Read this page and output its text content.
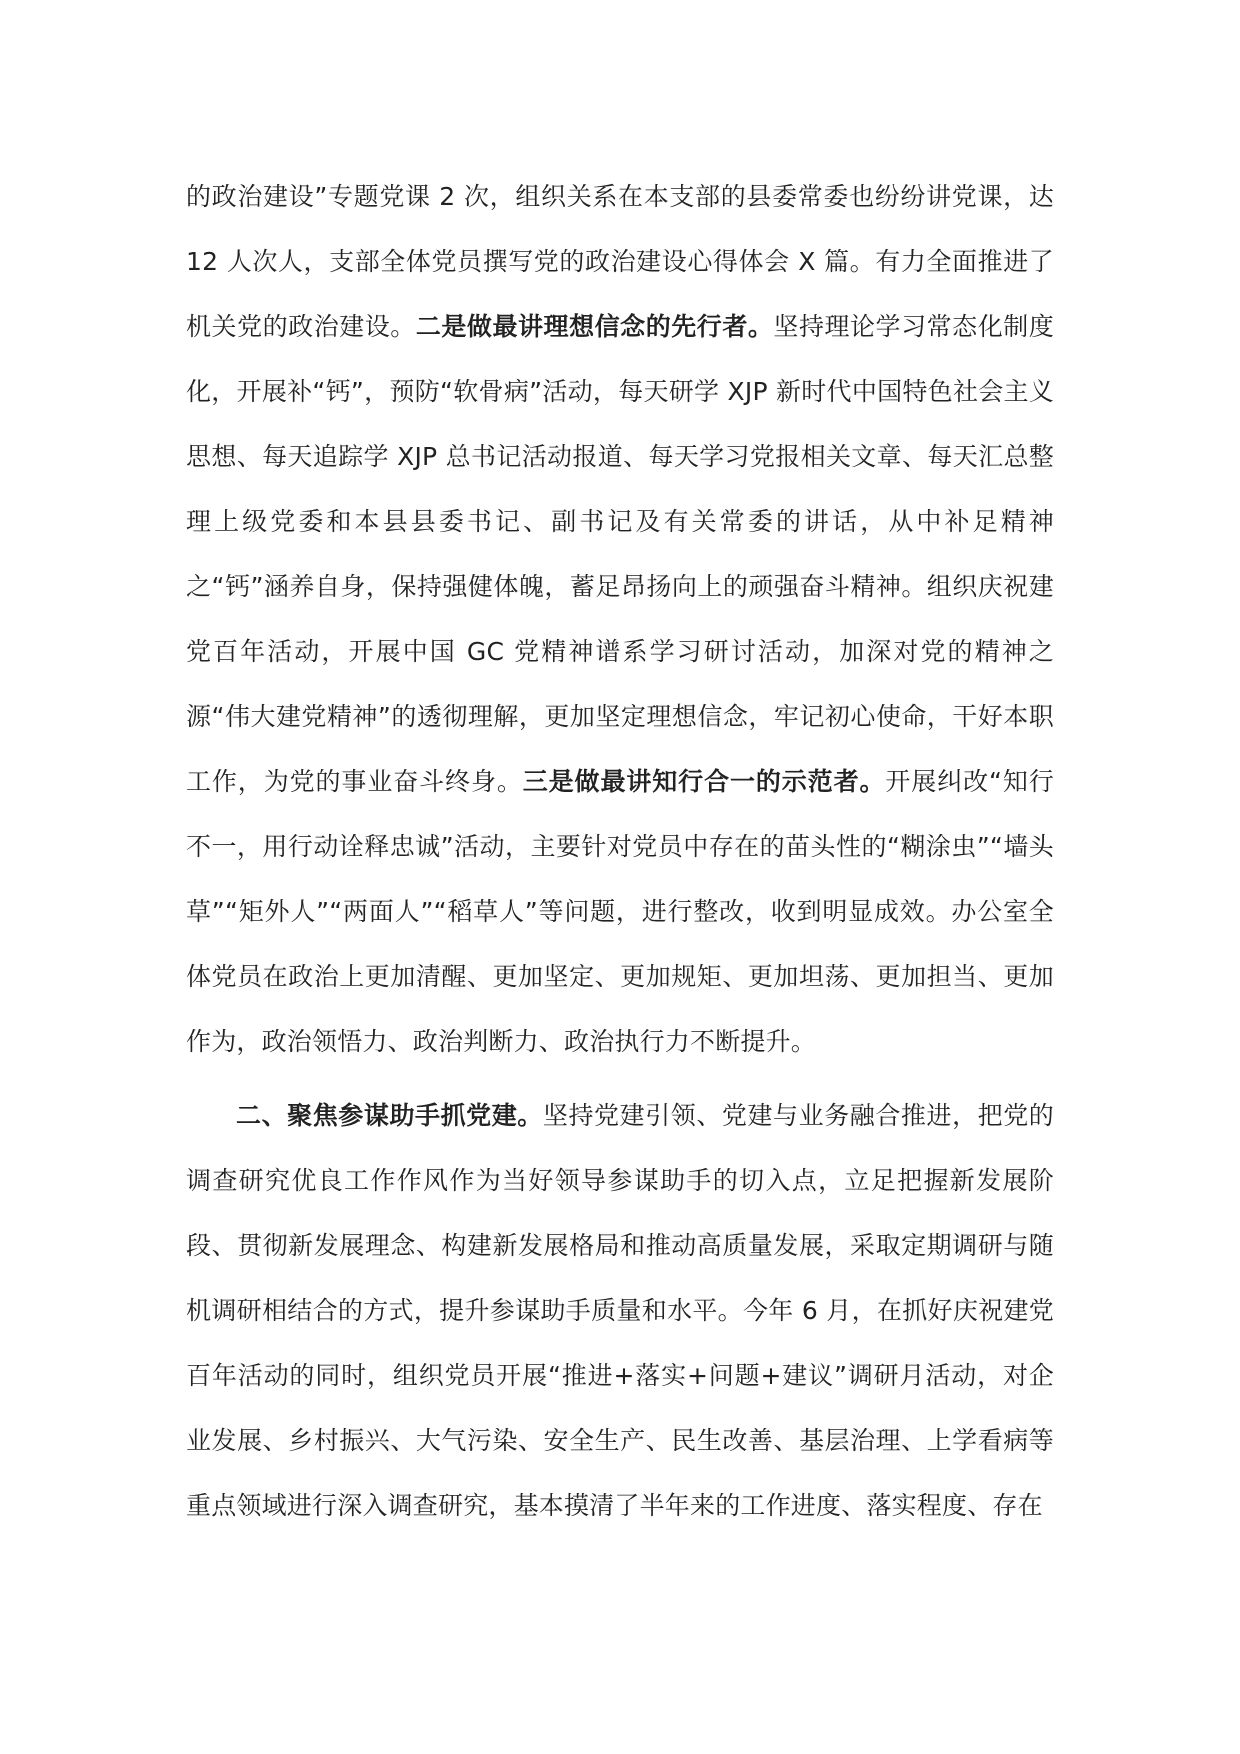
的政治建设”专题党课 2 次，组织关系在本支部的县委常委也纷纷讲党课，达 12 人次人，支部全体党员撰写党的政治建设心得体会 X 篇。有力全面推进了机关党的政治建设。二是做最讲理想信念的先行者。坚持理论学习常态化制度化，开展补“钙”，预防“软骨病”活动，每天研学 XJP 新时代中国特色社会主义思想、每天追踪学 XJP 总书记活动报道、每天学习党报相关文章、每天汇总整理上级党委和本县县委书记、副书记及有关常委的讲话，从中补足精神之“钙”涵养自身，保持强健体魄，蓄足昂扬向上的顽强奋斗精神。组织庆祝建党百年活动，开展中国 GC 党精神谱系学习研讨活动，加深对党的精神之源“伟大建党精神”的透彻理解，更加坚定理想信念，牢记初心使命，干好本职工作，为党的事业奋斗终身。三是做最讲知行合一的示范者。开展纠改“知行不一，用行动诠释忠诚”活动，主要针对党员中存在的苗头性的“糊涂虫”“墙头草”“矩外人”“两面人”“稻草人”等问题，进行整改，收到明显成效。办公室全体党员在政治上更加清醒、更加坚定、更加规矩、更加坦荡、更加担当、更加作为，政治领悟力、政治判断力、政治执行力不断提升。

二、聚焦参谋助手抓党建。坚持党建引领、党建与业务融合推进，把党的调查研究优良工作作风作为当好领导参谋助手的切入点，立足把握新发展阶段、贯彻新发展理念、构建新发展格局和推动高质量发展，采取定期调研与随机调研相结合的方式，提升参谋助手质量和水平。今年 6 月，在抓好庆祝建党百年活动的同时，组织党员开展“推进+落实+问题+建议”调研月活动，对企业发展、乡村振兴、大气污染、安全生产、民生改善、基层治理、上学看病等重点领域进行深入调查研究，基本摸清了半年来的工作进度、落实程度、存在
